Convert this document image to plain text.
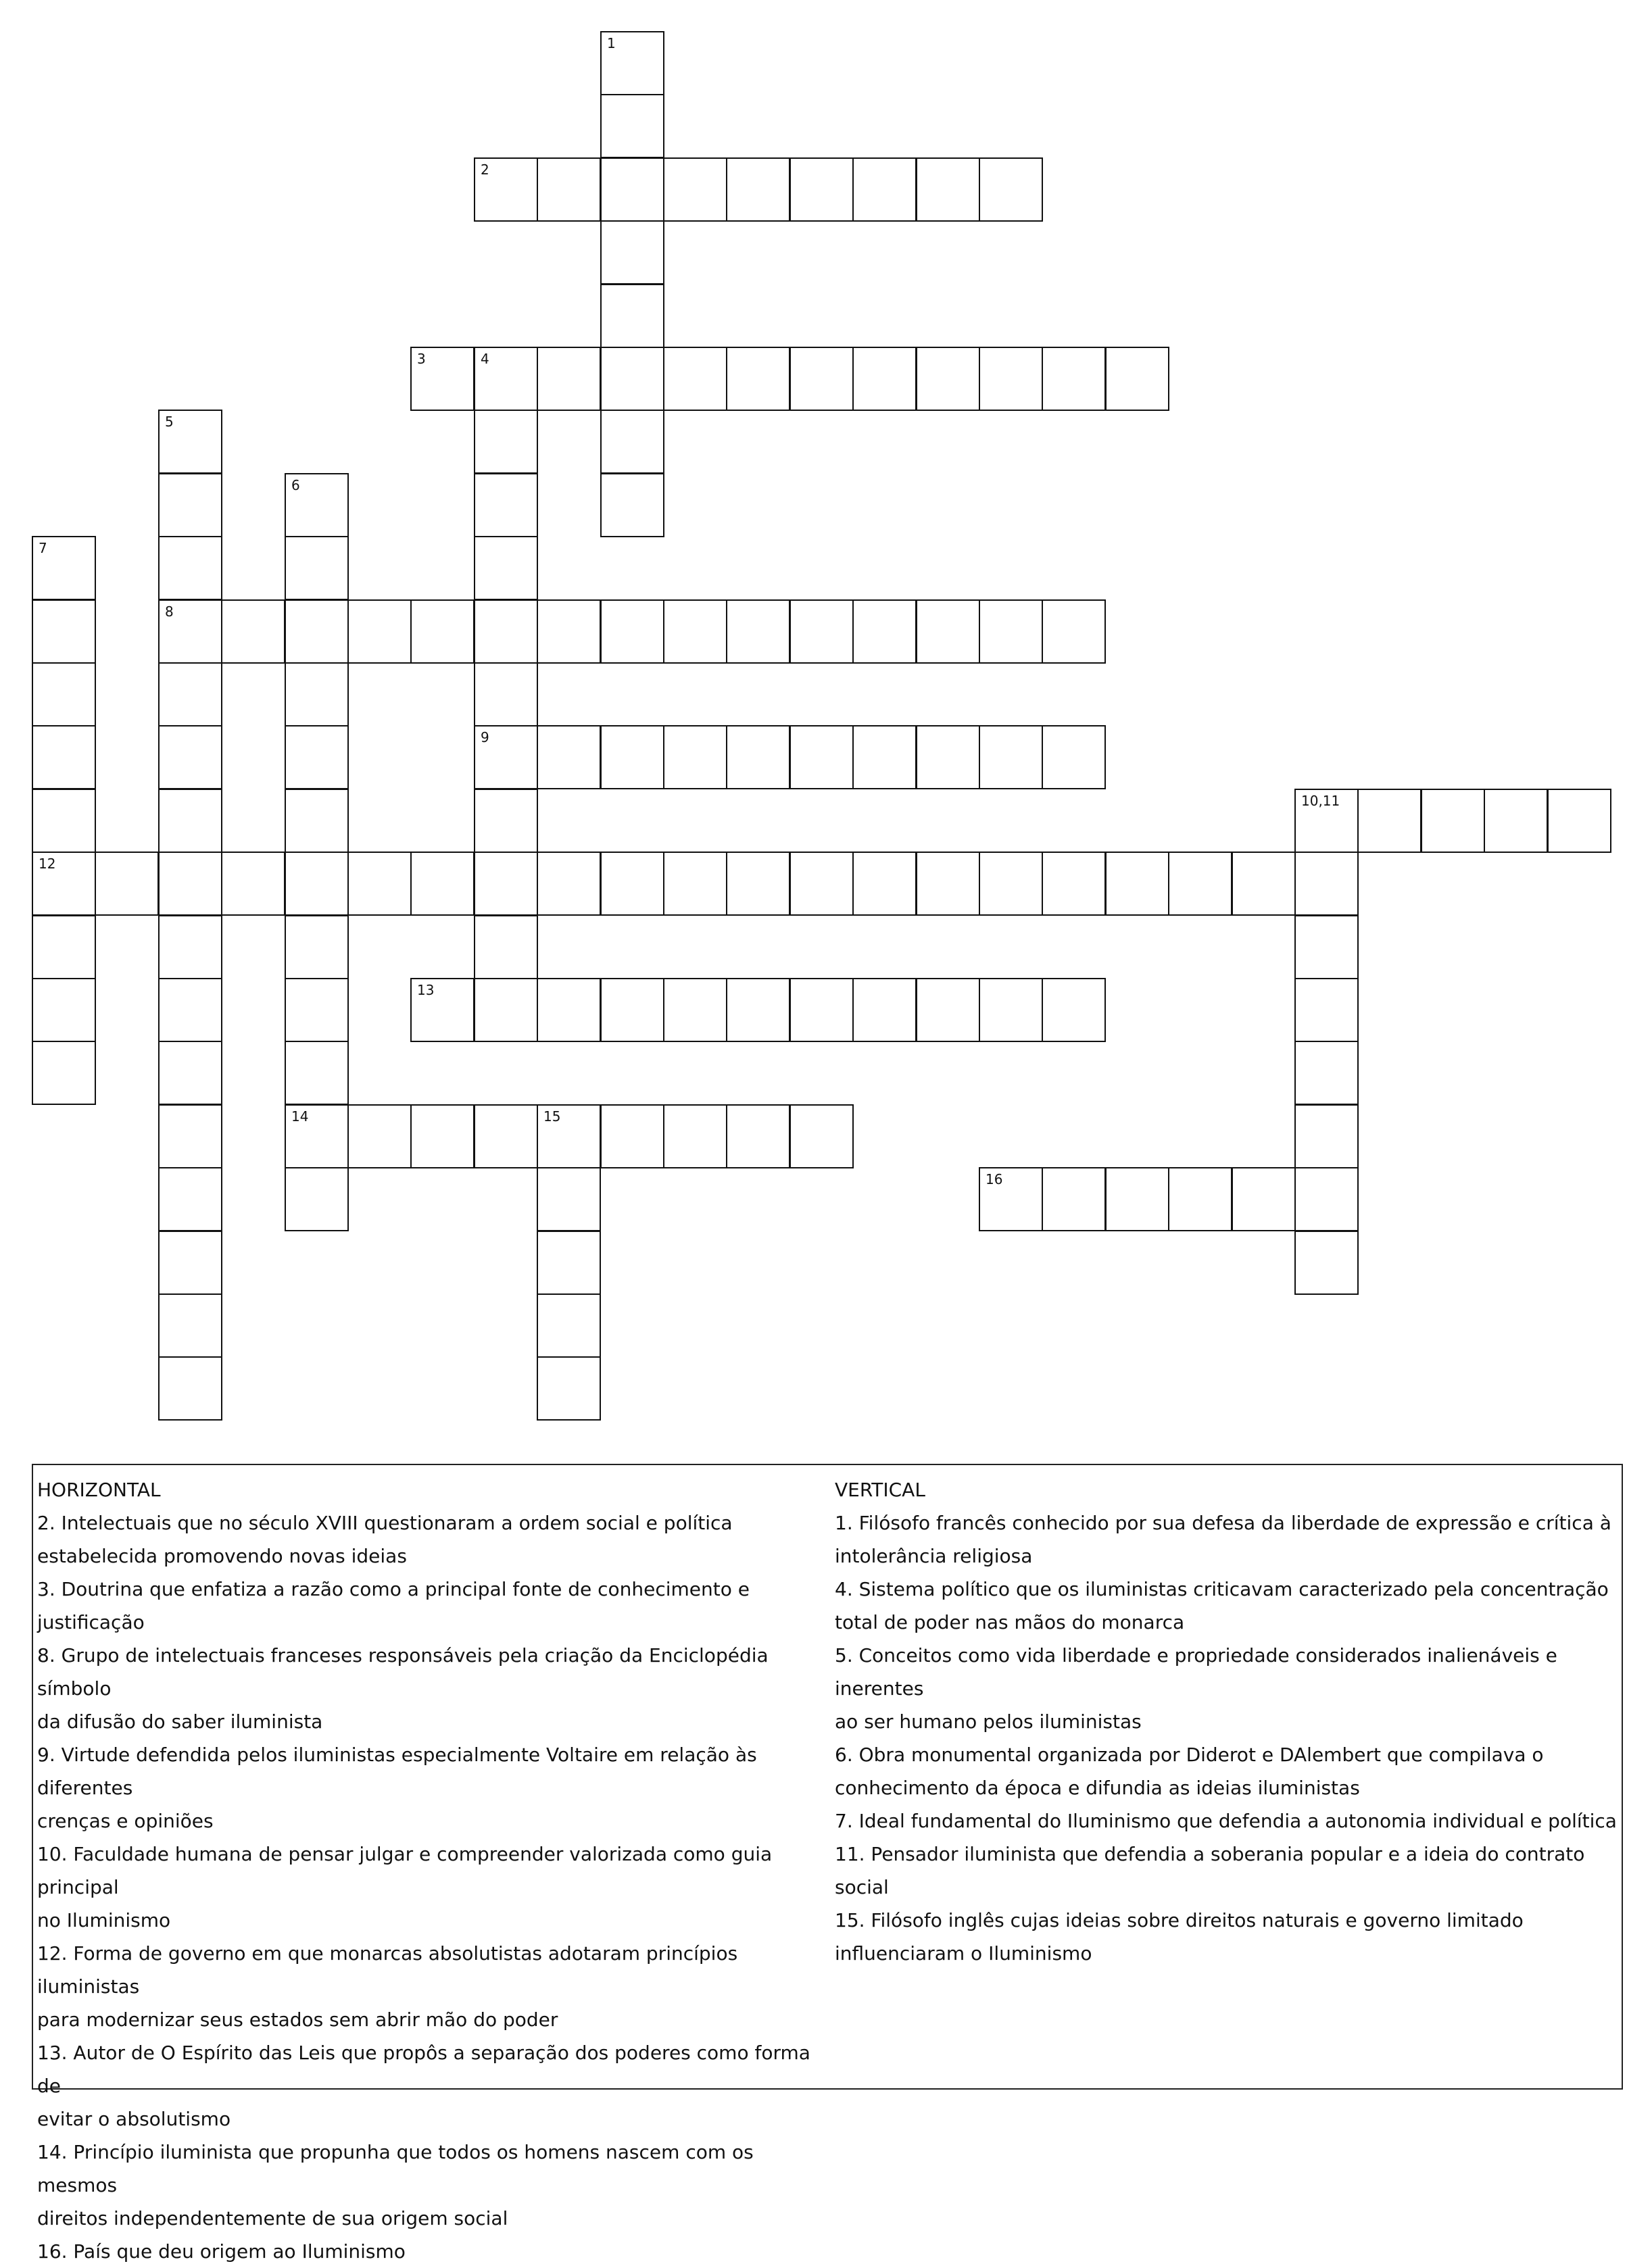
1
2
3	4
5
6
7
8
9
10,11
12
13
14	15
16
HORIZONTAL
2. Intelectuais que no século XVIII questionaram a ordem social e política
estabelecida promovendo novas ideias
3. Doutrina que enfatiza a razão como a principal fonte de conhecimento e
justificação
8. Grupo de intelectuais franceses responsáveis pela criação da Enciclopédia símbolo
da difusão do saber iluminista
9. Virtude defendida pelos iluministas especialmente Voltaire em relação às diferentes
crenças e opiniões
10. Faculdade humana de pensar julgar e compreender valorizada como guia principal
no Iluminismo
12. Forma de governo em que monarcas absolutistas adotaram princípios iluministas
para modernizar seus estados sem abrir mão do poder
13. Autor de O Espírito das Leis que propôs a separação dos poderes como forma de
evitar o absolutismo
14. Princípio iluminista que propunha que todos os homens nascem com os mesmos
direitos independentemente de sua origem social
16. País que deu origem ao Iluminismo
VERTICAL
1. Filósofo francês conhecido por sua defesa da liberdade de expressão e crítica à
intolerância religiosa
4. Sistema político que os iluministas criticavam caracterizado pela concentração
total de poder nas mãos do monarca
5. Conceitos como vida liberdade e propriedade considerados inalienáveis e inerentes
ao ser humano pelos iluministas
6. Obra monumental organizada por Diderot e DAlembert que compilava o
conhecimento da época e difundia as ideias iluministas
7. Ideal fundamental do Iluminismo que defendia a autonomia individual e política
11. Pensador iluminista que defendia a soberania popular e a ideia do contrato social
15. Filósofo inglês cujas ideias sobre direitos naturais e governo limitado
influenciaram o Iluminismo
